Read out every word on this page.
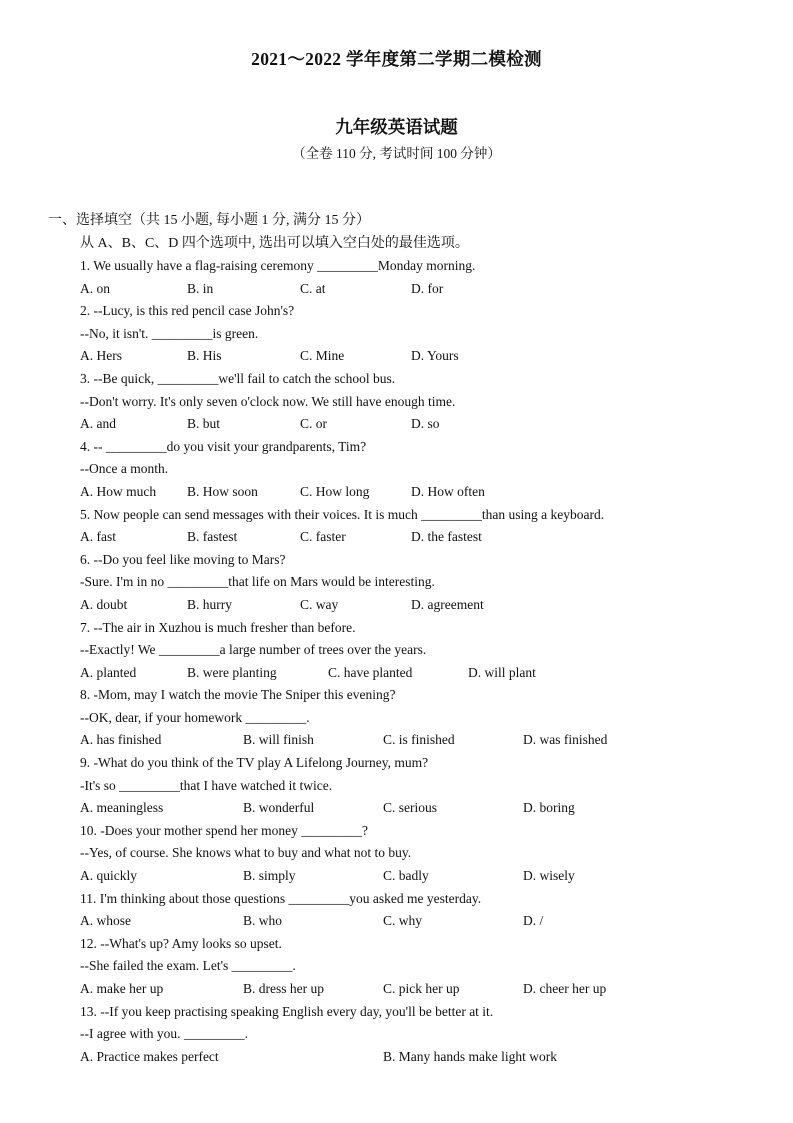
2021～2022 学年度第二学期二模检测
九年级英语试题
（全卷 110 分, 考试时间 100 分钟）
一、选择填空（共 15 小题, 每小题 1 分, 满分 15 分）
从 A、B、C、D 四个选项中, 选出可以填入空白处的最佳选项。
1. We usually have a flag-raising ceremony _________Monday morning.
A. on	B. in	C. at	D. for
2. --Lucy, is this red pencil case John's?
--No, it isn't. _________is green.
A. Hers	B. His	C. Mine	D. Yours
3. --Be quick, _________we'll fail to catch the school bus.
--Don't worry. It's only seven o'clock now. We still have enough time.
A. and	B. but	C. or	D. so
4. -- _________do you visit your grandparents, Tim?
--Once a month.
A. How much B. How soon	C. How long	D. How often
5. Now people can send messages with their voices. It is much _________than using a keyboard.
A. fast	B. fastest	C. faster	D. the fastest
6. --Do you feel like moving to Mars?
-Sure. I'm in no _________that life on Mars would be interesting.
A. doubt	B. hurry	C. way	D. agreement
7. --The air in Xuzhou is much fresher than before.
--Exactly! We _________a large number of trees over the years.
A. planted	B. were planting	C. have planted	D. will plant
8. -Mom, may I watch the movie The Sniper this evening?
--OK, dear, if your homework _________.
A. has finished	B. will finish	C. is finished	D. was finished
9. -What do you think of the TV play A Lifelong Journey, mum?
-It's so _________that I have watched it twice.
A. meaningless	B. wonderful	C. serious	D. boring
10. -Does your mother spend her money _________?
--Yes, of course. She knows what to buy and what not to buy.
A. quickly	B. simply	C. badly	D. wisely
11. I'm thinking about those questions _________you asked me yesterday.
A. whose	B. who	C. why	D. /
12. --What's up? Amy looks so upset.
--She failed the exam. Let's _________.
A. make her up	B. dress her up	C. pick her up	D. cheer her up
13. --If you keep practising speaking English every day, you'll be better at it.
--I agree with you. _________.
A. Practice makes perfect	B. Many hands make light work
